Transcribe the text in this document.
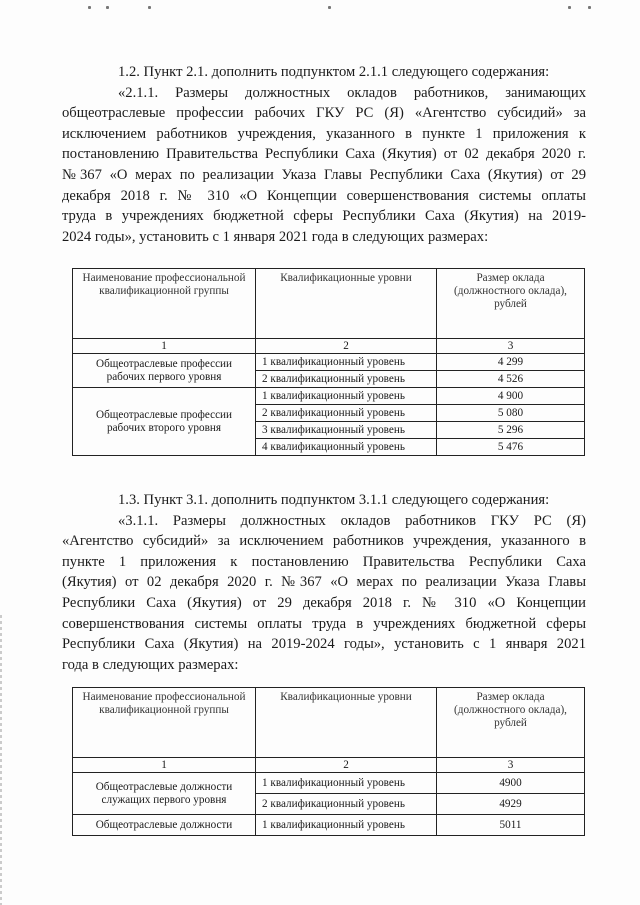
1.2. Пункт 2.1. дополнить подпунктом 2.1.1 следующего содержания:
«2.1.1. Размеры должностных окладов работников, занимающих
общеотраслевые профессии рабочих ГКУ РС (Я) «Агентство субсидий» за
исключением работников учреждения, указанного в пункте 1 приложения к
постановлению Правительства Республики Саха (Якутия) от 02 декабря 2020 г.
№367 «О мерах по реализации Указа Главы Республики Саха (Якутия) от 29
декабря 2018 г. № 310 «О Концепции совершенствования системы оплаты
труда в учреждениях бюджетной сферы Республики Саха (Якутия) на 2019-
2024 годы», установить с 1 января 2021 года в следующих размерах:
Наименование профессиональной квалификационной группы	Квалификационные уровни	Размер оклада (должностного оклада), рублей
1	2	3
Общеотраслевые профессии рабочих первого уровня	1 квалификационный уровень	4 299
	2 квалификационный уровень	4 526
Общеотраслевые профессии рабочих второго уровня	1 квалификационный уровень	4 900
	2 квалификационный уровень	5 080
	3 квалификационный уровень	5 296
	4 квалификационный уровень	5 476
1.3. Пункт 3.1. дополнить подпунктом 3.1.1 следующего содержания:
«3.1.1. Размеры должностных окладов работников ГКУ РС (Я)
«Агентство субсидий» за исключением работников учреждения, указанного в
пункте 1 приложения к постановлению Правительства Республики Саха
(Якутия) от 02 декабря 2020 г. №367 «О мерах по реализации Указа Главы
Республики Саха (Якутия) от 29 декабря 2018 г. № 310 «О Концепции
совершенствования системы оплаты труда в учреждениях бюджетной сферы
Республики Саха (Якутия) на 2019-2024 годы», установить с 1 января 2021
года в следующих размерах:
Наименование профессиональной квалификационной группы	Квалификационные уровни	Размер оклада (должностного оклада), рублей
1	2	3
Общеотраслевые должности служащих первого уровня	1 квалификационный уровень	4900
	2 квалификационный уровень	4929
Общеотраслевые должности	1 квалификационный уровень	5011
